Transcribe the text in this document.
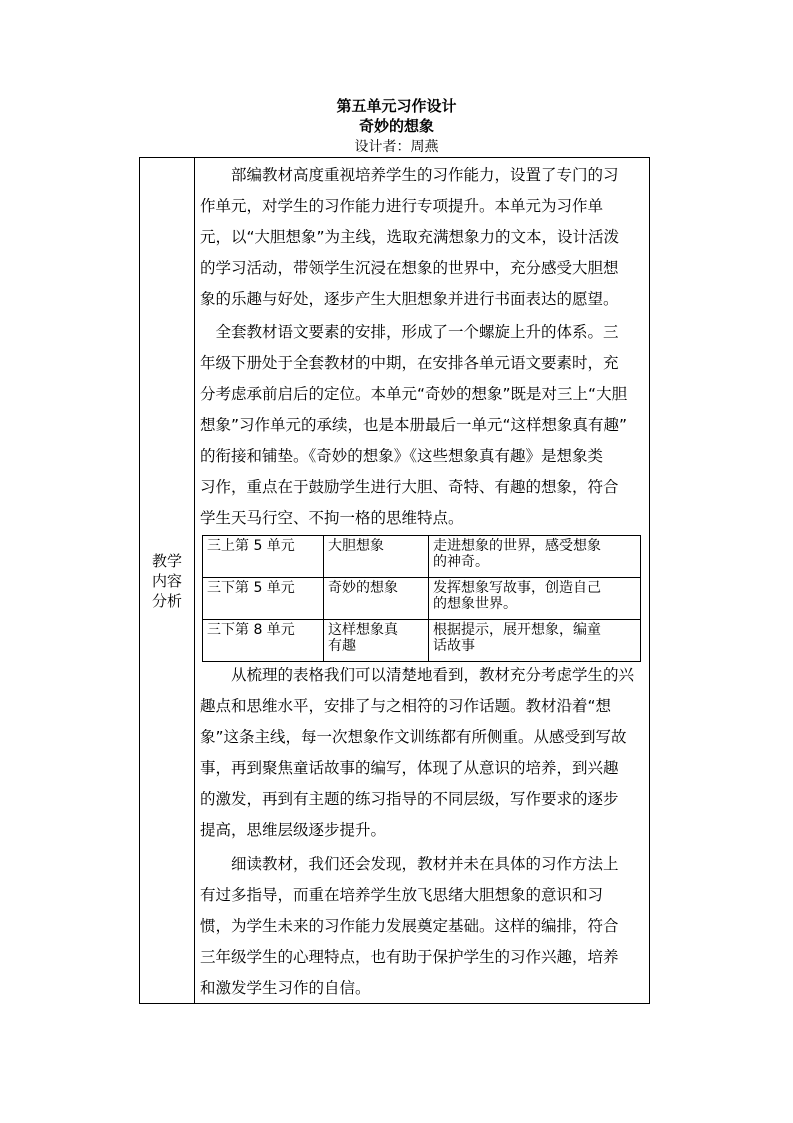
第五单元习作设计
奇妙的想象
设计者：周燕
教学
内容
分析
　　部编教材高度重视培养学生的习作能力，设置了专门的习
作单元，对学生的习作能力进行专项提升。本单元为习作单
元，以“大胆想象”为主线，选取充满想象力的文本，设计活泼
的学习活动，带领学生沉浸在想象的世界中，充分感受大胆想
象的乐趣与好处，逐步产生大胆想象并进行书面表达的愿望。
　全套教材语文要素的安排，形成了一个螺旋上升的体系。三
年级下册处于全套教材的中期，在安排各单元语文要素时，充
分考虑承前启后的定位。本单元“奇妙的想象”既是对三上“大胆
想象”习作单元的承续，也是本册最后一单元“这样想象真有趣”
的衔接和铺垫。《奇妙的想象》《这些想象真有趣》是想象类
习作，重点在于鼓励学生进行大胆、奇特、有趣的想象，符合
学生天马行空、不拘一格的思维特点。
三上第 5 单元	大胆想象	走进想象的世界，感受想象
的神奇。
三下第 5 单元	奇妙的想象	发挥想象写故事，创造自己
的想象世界。
三下第 8 单元	这样想象真
有趣	根据提示，展开想象，编童
话故事
　　从梳理的表格我们可以清楚地看到，教材充分考虑学生的兴
趣点和思维水平，安排了与之相符的习作话题。教材沿着“想
象”这条主线，每一次想象作文训练都有所侧重。从感受到写故
事，再到聚焦童话故事的编写，体现了从意识的培养，到兴趣
的激发，再到有主题的练习指导的不同层级，写作要求的逐步
提高，思维层级逐步提升。
　　细读教材，我们还会发现，教材并未在具体的习作方法上
有过多指导，而重在培养学生放飞思绪大胆想象的意识和习
惯，为学生未来的习作能力发展奠定基础。这样的编排，符合
三年级学生的心理特点，也有助于保护学生的习作兴趣，培养
和激发学生习作的自信。
